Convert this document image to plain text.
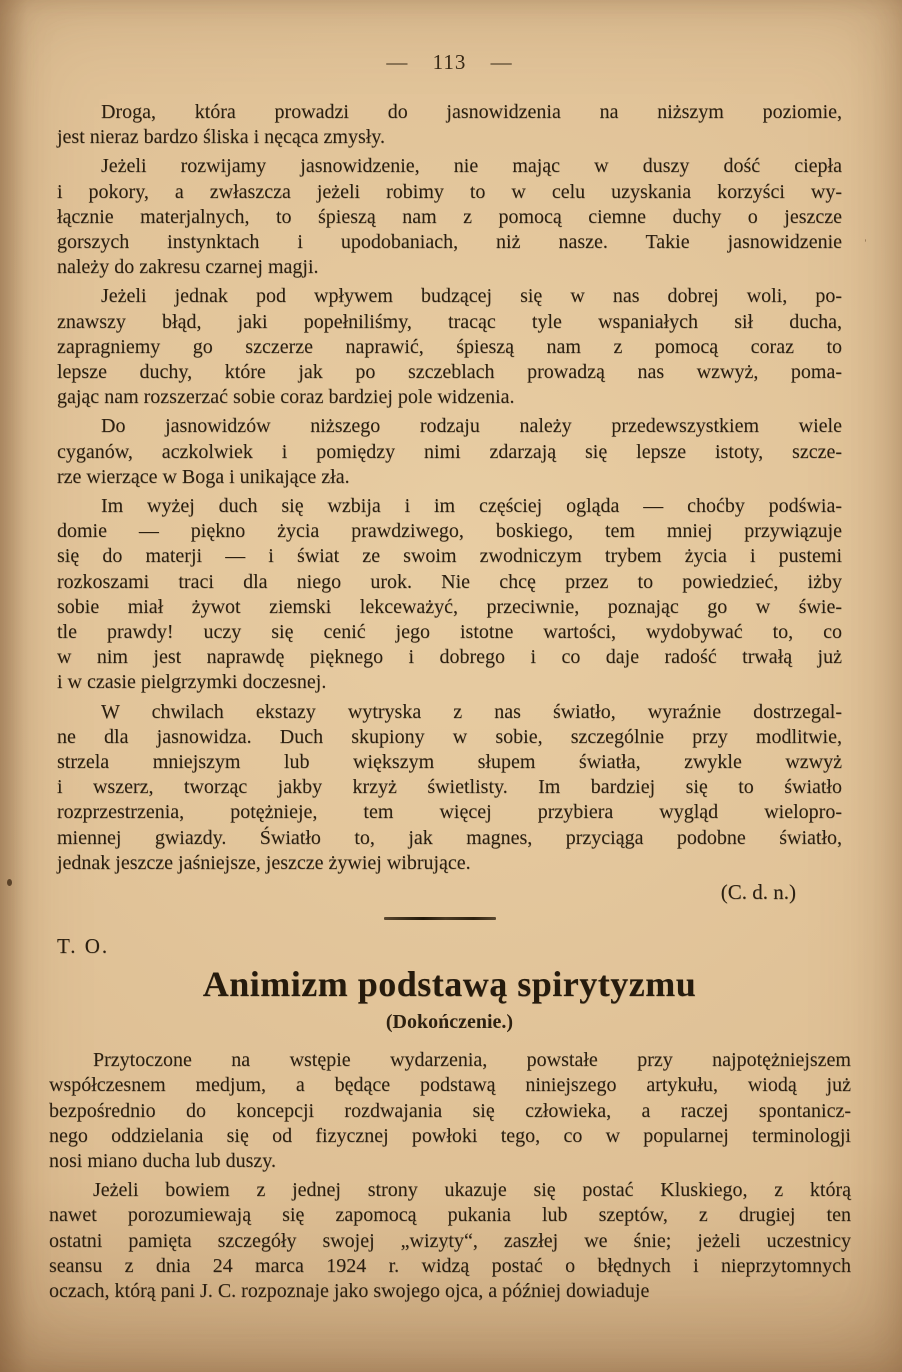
— 113 —

Droga, która prowadzi do jasnowidzenia na niższym poziomie,
jest nieraz bardzo śliska i nęcąca zmysły.

Jeżeli rozwijamy jasnowidzenie, nie mając w duszy dość ciepła
i pokory, a zwłaszcza jeżeli robimy to w celu uzyskania korzyści wy-
łącznie materjalnych, to śpieszą nam z pomocą ciemne duchy o jeszcze
gorszych instynktach i upodobaniach, niż nasze. Takie jasnowidzenie
należy do zakresu czarnej magji.

Jeżeli jednak pod wpływem budzącej się w nas dobrej woli, po-
znawszy błąd, jaki popełniliśmy, tracąc tyle wspaniałych sił ducha,
zapragniemy go szczerze naprawić, śpieszą nam z pomocą coraz to
lepsze duchy, które jak po szczeblach prowadzą nas wzwyż, poma-
gając nam rozszerzać sobie coraz bardziej pole widzenia.

Do jasnowidzów niższego rodzaju należy przedewszystkiem wiele
cyganów, aczkolwiek i pomiędzy nimi zdarzają się lepsze istoty, szcze-
rze wierzące w Boga i unikające zła.

Im wyżej duch się wzbija i im częściej ogląda — choćby podświa-
domie — piękno życia prawdziwego, boskiego, tem mniej przywiązuje
się do materji — i świat ze swoim zwodniczym trybem życia i pustemi
rozkoszami traci dla niego urok. Nie chcę przez to powiedzieć, iżby
sobie miał żywot ziemski lekceważyć, przeciwnie, poznając go w świe-
tle prawdy! uczy się cenić jego istotne wartości, wydobywać to, co
w nim jest naprawdę pięknego i dobrego i co daje radość trwałą już
i w czasie pielgrzymki doczesnej.

W chwilach ekstazy wytryska z nas światło, wyraźnie dostrzegal-
ne dla jasnowidza. Duch skupiony w sobie, szczególnie przy modlitwie,
strzela mniejszym lub większym słupem światła, zwykle wzwyż
i wszerz, tworząc jakby krzyż świetlisty. Im bardziej się to światło
rozprzestrzenia, potężnieje, tem więcej przybiera wygląd wielopro-
miennej gwiazdy. Światło to, jak magnes, przyciąga podobne światło,
jednak jeszcze jaśniejsze, jeszcze żywiej wibrujące.

(C. d. n.)
T. O.
Animizm podstawą spirytyzmu
(Dokończenie.)

Przytoczone na wstępie wydarzenia, powstałe przy najpotężniejszem
współczesnem medjum, a będące podstawą niniejszego artykułu, wiodą już
bezpośrednio do koncepcji rozdwajania się człowieka, a raczej spontanicz-
nego oddzielania się od fizycznej powłoki tego, co w popularnej terminologji
nosi miano ducha lub duszy.

Jeżeli bowiem z jednej strony ukazuje się postać Kluskiego, z którą
nawet porozumiewają się zapomocą pukania lub szeptów, z drugiej ten
ostatni pamięta szczegóły swojej „wizyty“, zaszłej we śnie; jeżeli uczestnicy
seansu z dnia 24 marca 1924 r. widzą postać o błędnych i nieprzytomnych
oczach, którą pani J. C. rozpoznaje jako swojego ojca, a później dowiaduje
